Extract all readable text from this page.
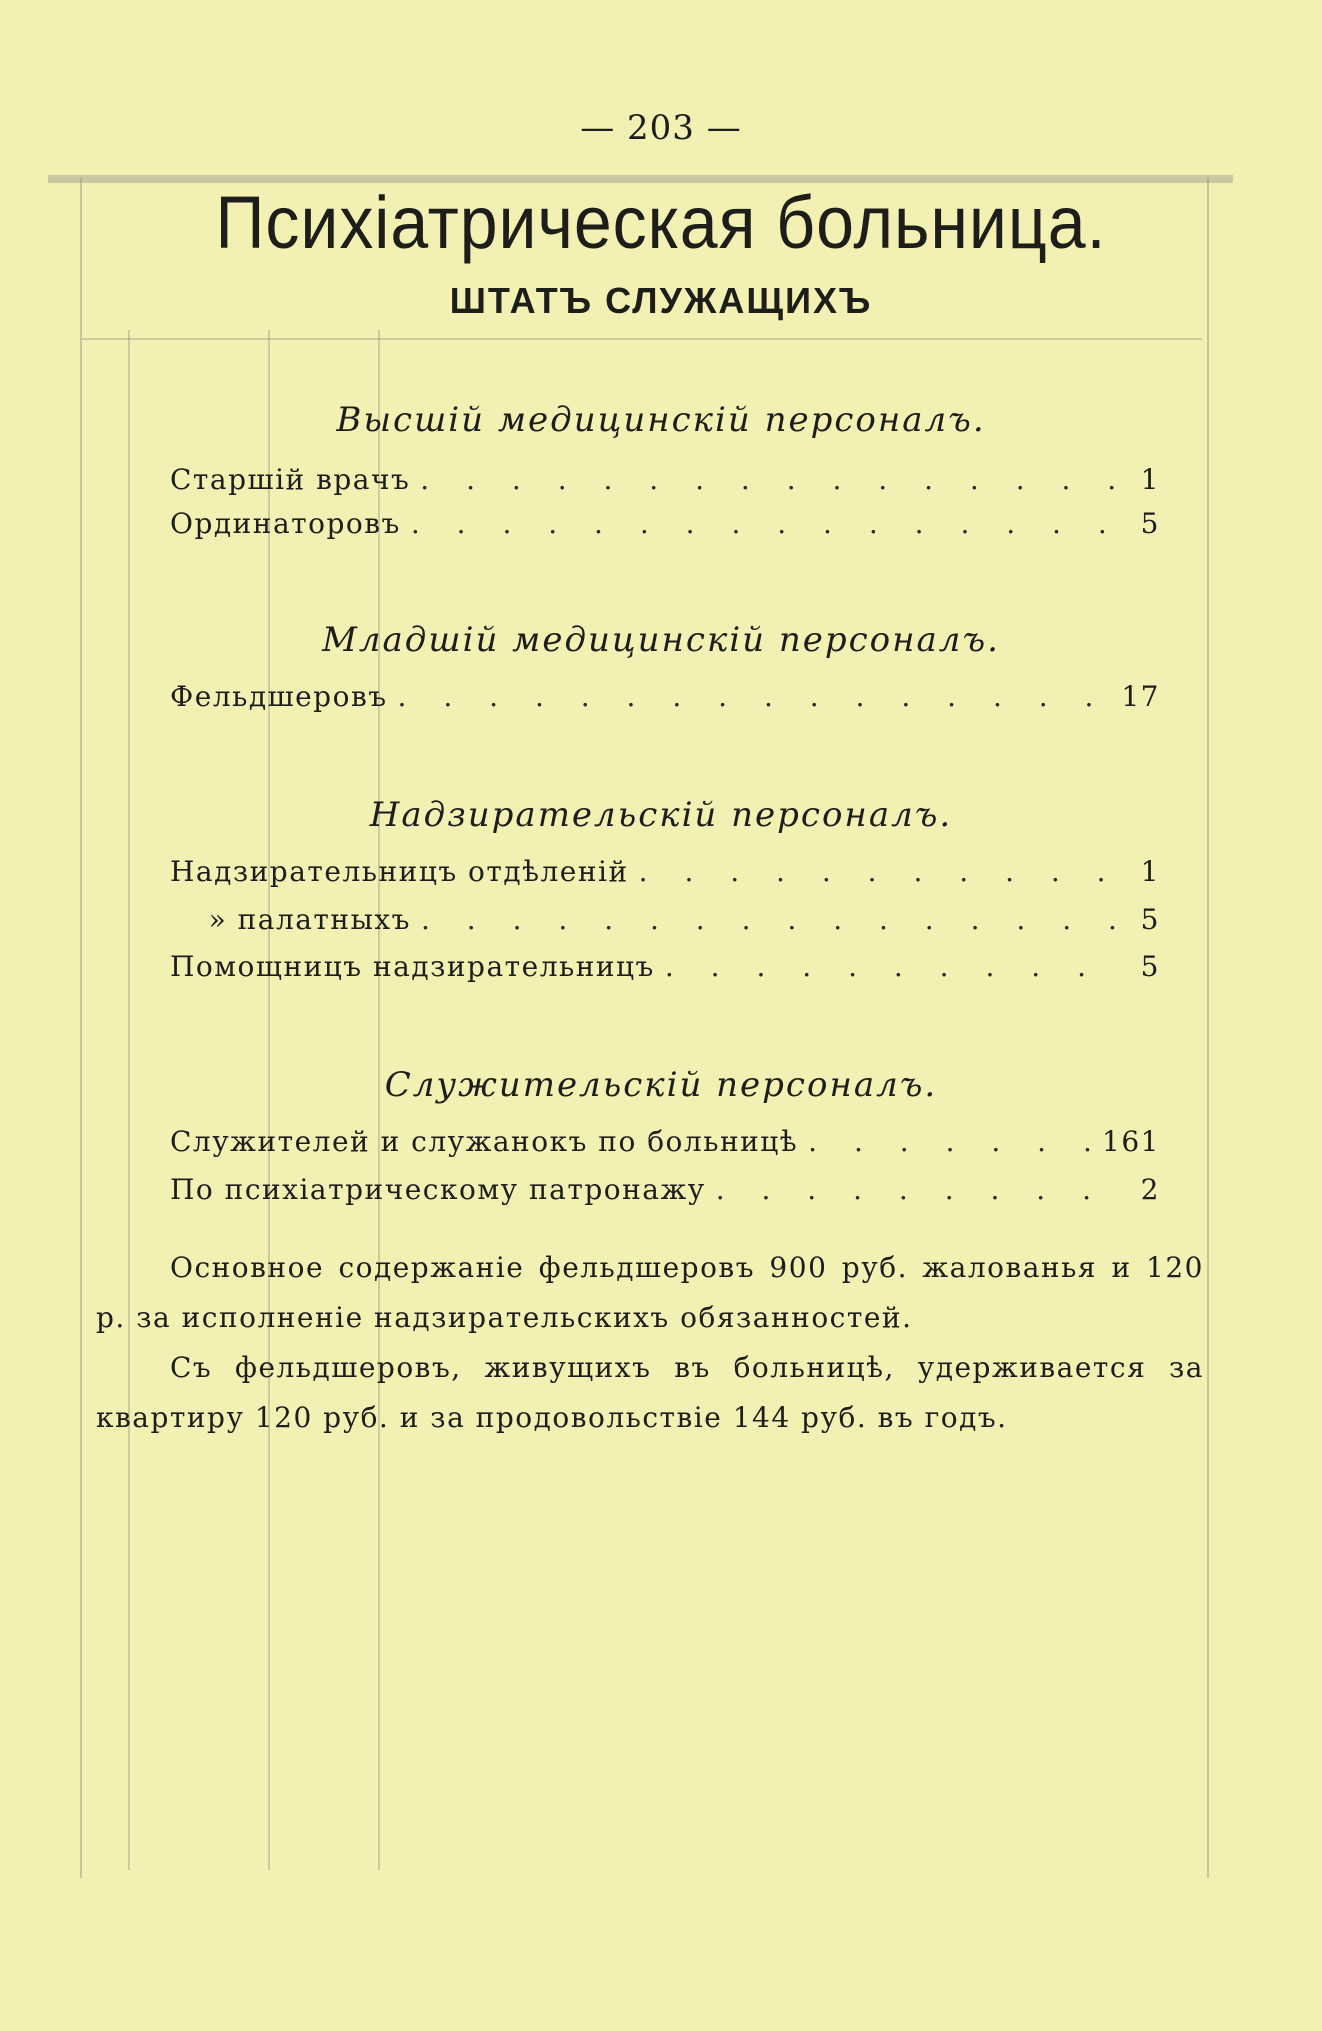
— 203 —
Психіатрическая больница.
ШТАТЪ СЛУЖАЩИХЪ
Высшій медицинскій персоналъ.
Старшій врачъ . . .	1
Ординаторовъ . . .	5
Младшій медицинскій персоналъ.
Фельдшеровъ . . .	17
Надзирательскій персоналъ.
Надзирательницъ отдѣленій . . .	1
» палатныхъ . . .	5
Помощницъ надзирательницъ . . .	5
Служительскій персоналъ.
Служителей и служанокъ по больницѣ . . .	161
По психіатрическому патронажу . . .	2
Основное содержаніе фельдшеровъ 900 руб. жалованья и 120 р. за исполненіе надзирательскихъ обязанностей.
Съ фельдшеровъ, живущихъ въ больницѣ, удерживается за квартиру 120 руб. и за продовольствіе 144 руб. въ годъ.
